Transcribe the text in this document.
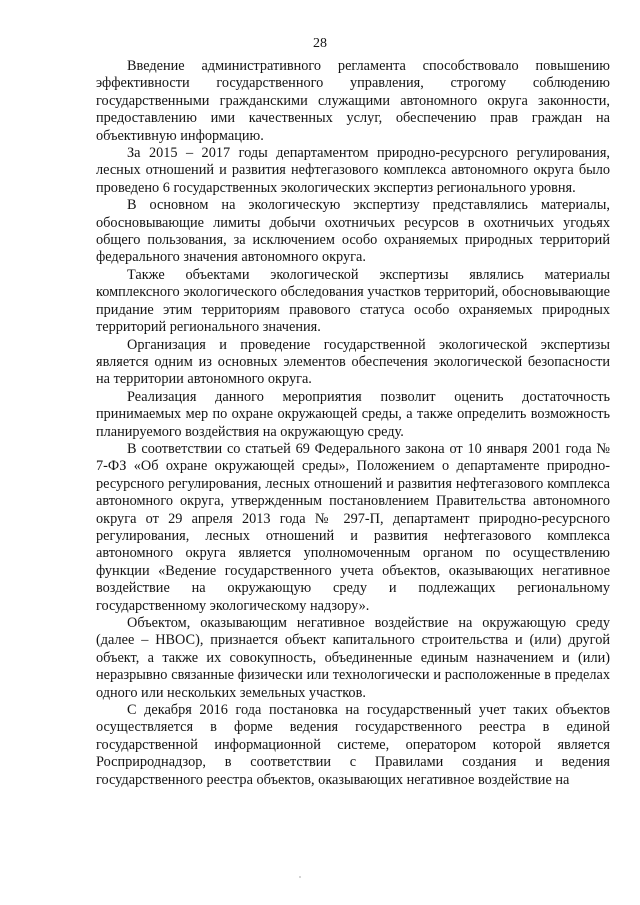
28

Введение административного регламента способствовало повышению эффективности государственного управления, строгому соблюдению государственными гражданскими служащими автономного округа законности, предоставлению ими качественных услуг, обеспечению прав граждан на объективную информацию.

За 2015 – 2017 годы департаментом природно-ресурсного регулирования, лесных отношений и развития нефтегазового комплекса автономного округа было проведено 6 государственных экологических экспертиз регионального уровня.

В основном на экологическую экспертизу представлялись материалы, обосновывающие лимиты добычи охотничьих ресурсов в охотничьих угодьях общего пользования, за исключением особо охраняемых природных территорий федерального значения автономного округа.

Также объектами экологической экспертизы являлись материалы комплексного экологического обследования участков территорий, обосновывающие придание этим территориям правового статуса особо охраняемых природных территорий регионального значения.

Организация и проведение государственной экологической экспертизы является одним из основных элементов обеспечения экологической безопасности на территории автономного округа.

Реализация данного мероприятия позволит оценить достаточность принимаемых мер по охране окружающей среды, а также определить возможность планируемого воздействия на окружающую среду.

В соответствии со статьей 69 Федерального закона от 10 января 2001 года № 7-ФЗ «Об охране окружающей среды», Положением о департаменте природно-ресурсного регулирования, лесных отношений и развития нефтегазового комплекса автономного округа, утвержденным постановлением Правительства автономного округа от 29 апреля 2013 года № 297-П, департамент природно-ресурсного регулирования, лесных отношений и развития нефтегазового комплекса автономного округа является уполномоченным органом по осуществлению функции «Ведение государственного учета объектов, оказывающих негативное воздействие на окружающую среду и подлежащих региональному государственному экологическому надзору».

Объектом, оказывающим негативное воздействие на окружающую среду (далее – НВОС), признается объект капитального строительства и (или) другой объект, а также их совокупность, объединенные единым назначением и (или) неразрывно связанные физически или технологически и расположенные в пределах одного или нескольких земельных участков.

С декабря 2016 года постановка на государственный учет таких объектов осуществляется в форме ведения государственного реестра в единой государственной информационной системе, оператором которой является Росприроднадзор, в соответствии с Правилами создания и ведения государственного реестра объектов, оказывающих негативное воздействие на
